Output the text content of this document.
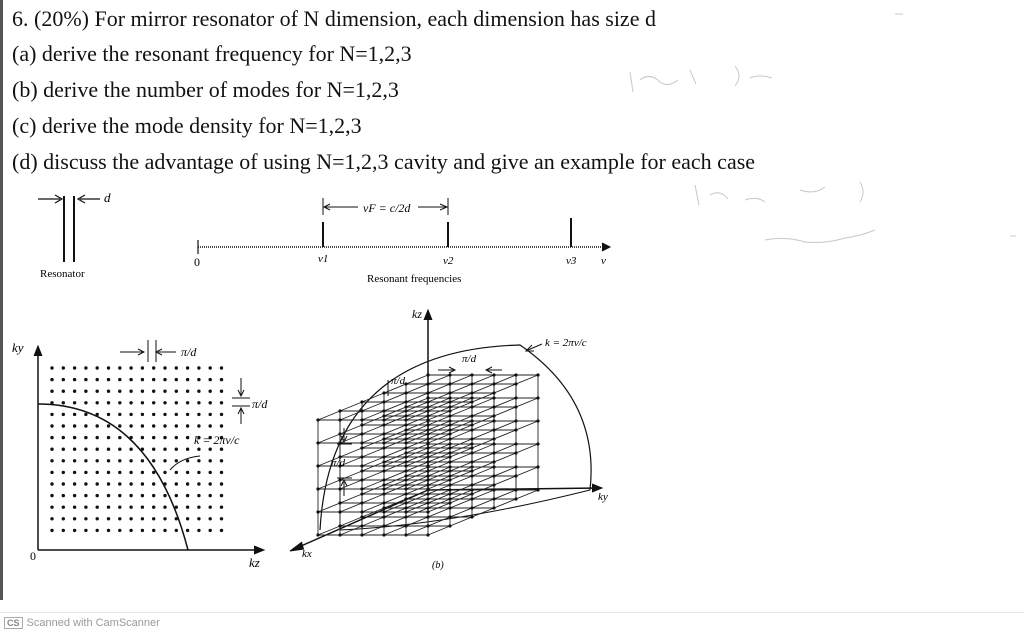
6. (20%) For mirror resonator of N dimension, each dimension has size d
(a) derive the resonant frequency for N=1,2,3
(b) derive the number of modes for N=1,2,3
(c) derive the mode density for N=1,2,3
(d) discuss the advantage of using N=1,2,3 cavity and give an example for each case
d
Resonator
νF = c/2d
0	ν1	ν2	ν3 ν
Resonant frequencies
ky
kz
0
π/d
π/d
k = 2πν/c
kz
ky
kx
π/d
π/d
π/d
k = 2πν/c
(b)
CS Scanned with CamScanner
